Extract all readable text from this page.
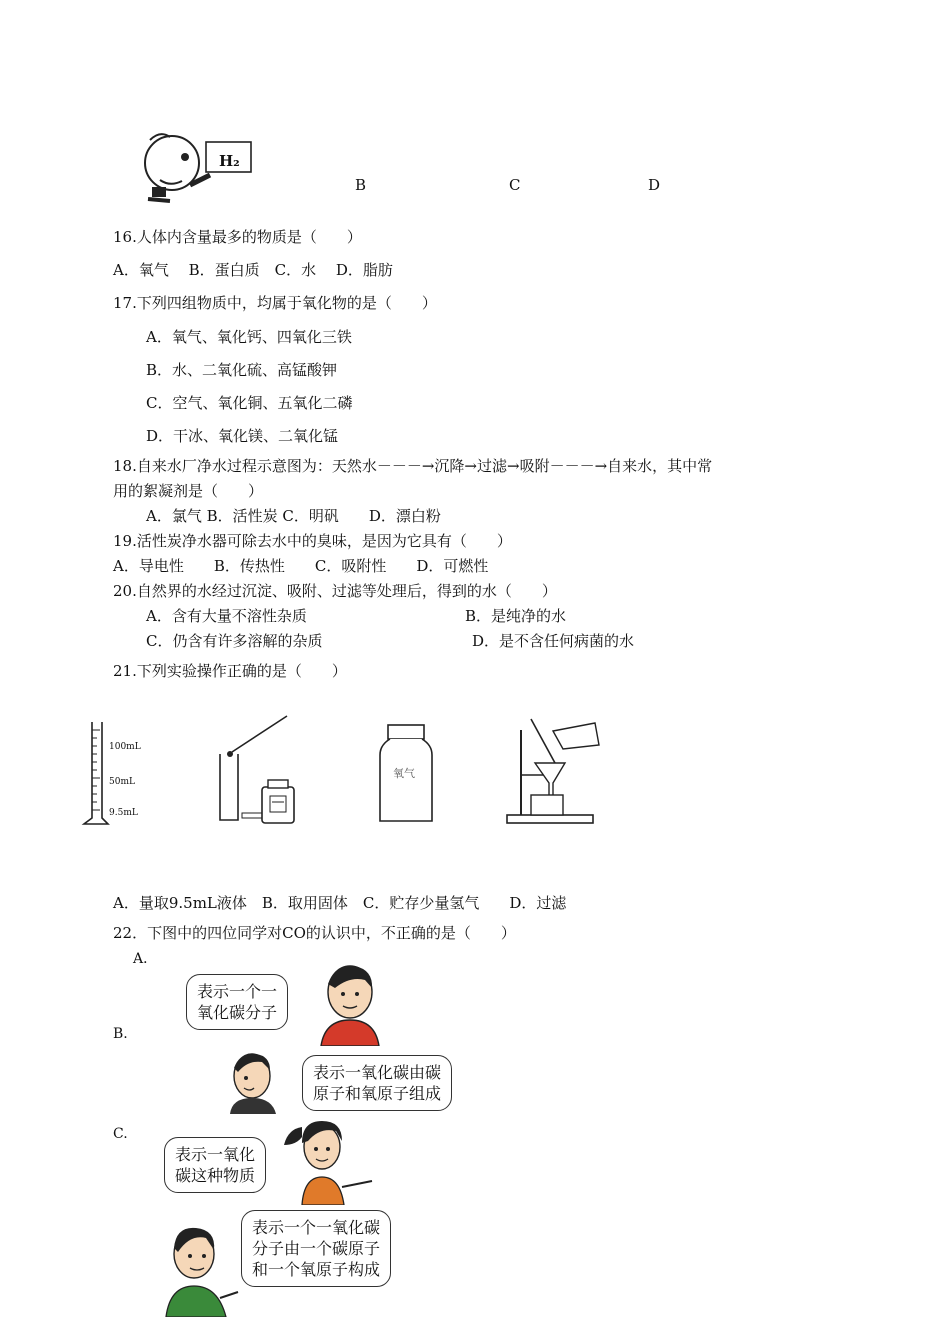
H₂
B	C	D
16.人体内含量最多的物质是（　　）
A．氧气　 B．蛋白质　C．水　 D．脂肪
17.下列四组物质中，均属于氧化物的是（　　）
A．氧气、氧化钙、四氧化三铁
B．水、二氧化硫、高锰酸钾
C．空气、氧化铜、五氧化二磷
D．干冰、氧化镁、二氧化锰
18.自来水厂净水过程示意图为：天然水－－－→沉降→过滤→吸附－－－→自来水，其中常
用的絮凝剂是（　　）
A．氯气 B．活性炭 C．明矾　　D．漂白粉
19.活性炭净水器可除去水中的臭味，是因为它具有（　　）
A．导电性　　B．传热性　　C．吸附性　　D．可燃性
20.自然界的水经过沉淀、吸附、过滤等处理后，得到的水（　　）
A．含有大量不溶性杂质	B．是纯净的水
C．仍含有许多溶解的杂质	D．是不含任何病菌的水
21.下列实验操作正确的是（　　）
100mL
50mL
9.5mL
氧气
A．量取9.5mL液体　B．取用固体　C．贮存少量氢气　　D．过滤
22．下图中的四位同学对CO的认识中，不正确的是（　　）
A．
B.
C.
表示一个一
氧化碳分子
表示一氧化碳由碳
原子和氧原子组成
表示一氧化
碳这种物质
表示一个一氧化碳
分子由一个碳原子
和一个氧原子构成
